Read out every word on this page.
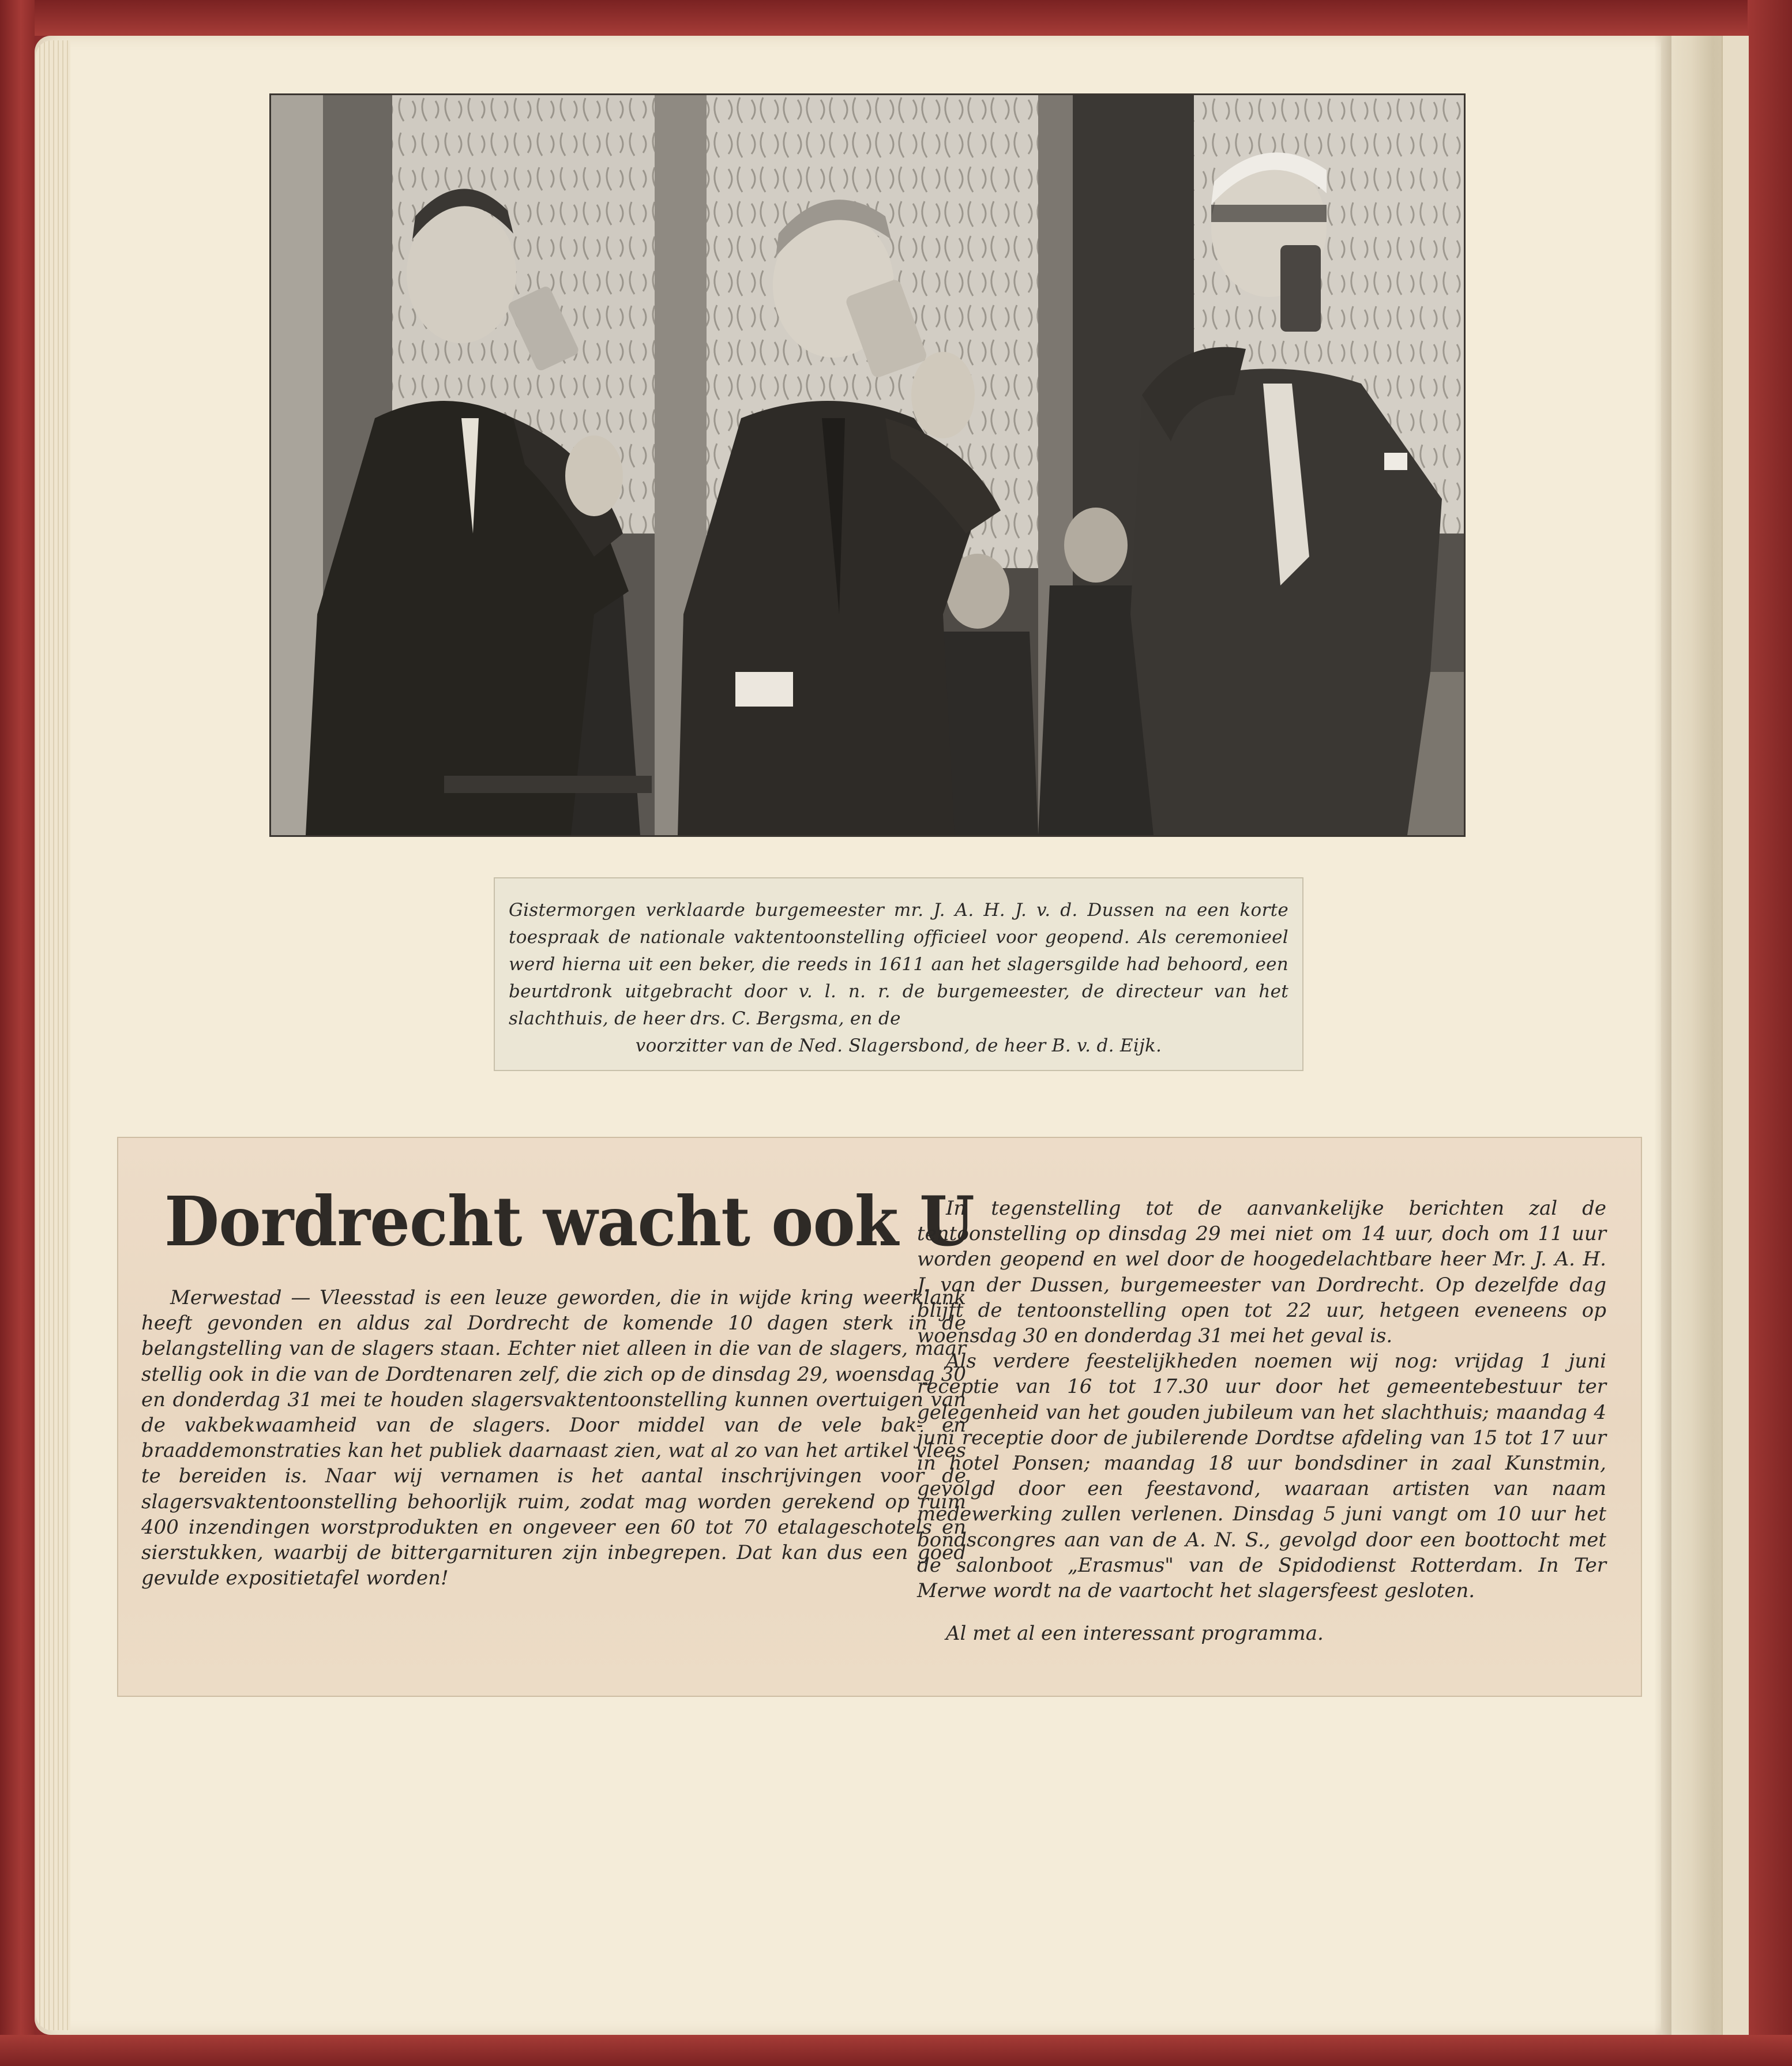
Gistermorgen verklaarde burgemeester mr. J. A. H. J. v. d. Dussen na een korte toespraak de nationale vaktentoonstelling officieel voor geopend. Als ceremonieel werd hierna uit een beker, die reeds in 1611 aan het slagersgilde had behoord, een beurtdronk uitgebracht door v. l. n. r. de burgemeester, de directeur van het slachthuis, de heer drs. C. Bergsma, en de
voorzitter van de Ned. Slagersbond, de heer B. v. d. Eijk.
Dordrecht wacht ook U

Merwestad — Vleesstad is een leuze geworden, die in wijde kring weerklank heeft gevonden en aldus zal Dordrecht de komende 10 dagen sterk in de belangstelling van de slagers staan. Echter niet alleen in die van de slagers, maar stellig ook in die van de Dordtenaren zelf, die zich op de dinsdag 29, woensdag 30 en donderdag 31 mei te houden slagersvaktentoonstelling kunnen overtuigen van de vakbekwaamheid van de slagers. Door middel van de vele bak- en braaddemonstraties kan het publiek daarnaast zien, wat al zo van het artikel vlees te bereiden is. Naar wij vernamen is het aantal inschrijvingen voor de slagersvaktentoonstelling behoorlijk ruim, zodat mag worden gerekend op ruim 400 inzendingen worstprodukten en ongeveer een 60 tot 70 etalageschotels en sierstukken, waarbij de bittergarnituren zijn inbegrepen. Dat kan dus een goed gevulde expositietafel worden!

In tegenstelling tot de aanvankelijke berichten zal de tentoonstelling op dinsdag 29 mei niet om 14 uur, doch om 11 uur worden geopend en wel door de hoogedelachtbare heer Mr. J. A. H. J. van der Dussen, burgemeester van Dordrecht. Op dezelfde dag blijft de tentoonstelling open tot 22 uur, hetgeen eveneens op woensdag 30 en donderdag 31 mei het geval is.

Als verdere feestelijkheden noemen wij nog: vrijdag 1 juni receptie van 16 tot 17.30 uur door het gemeentebestuur ter gelegenheid van het gouden jubileum van het slachthuis; maandag 4 juni receptie door de jubilerende Dordtse afdeling van 15 tot 17 uur in hotel Ponsen; maandag 18 uur bondsdiner in zaal Kunstmin, gevolgd door een feestavond, waaraan artisten van naam medewerking zullen verlenen. Dinsdag 5 juni vangt om 10 uur het bondscongres aan van de A. N. S., gevolgd door een boottocht met de salonboot „Erasmus" van de Spidodienst Rotterdam. In Ter Merwe wordt na de vaartocht het slagersfeest gesloten.

Al met al een interessant programma.
